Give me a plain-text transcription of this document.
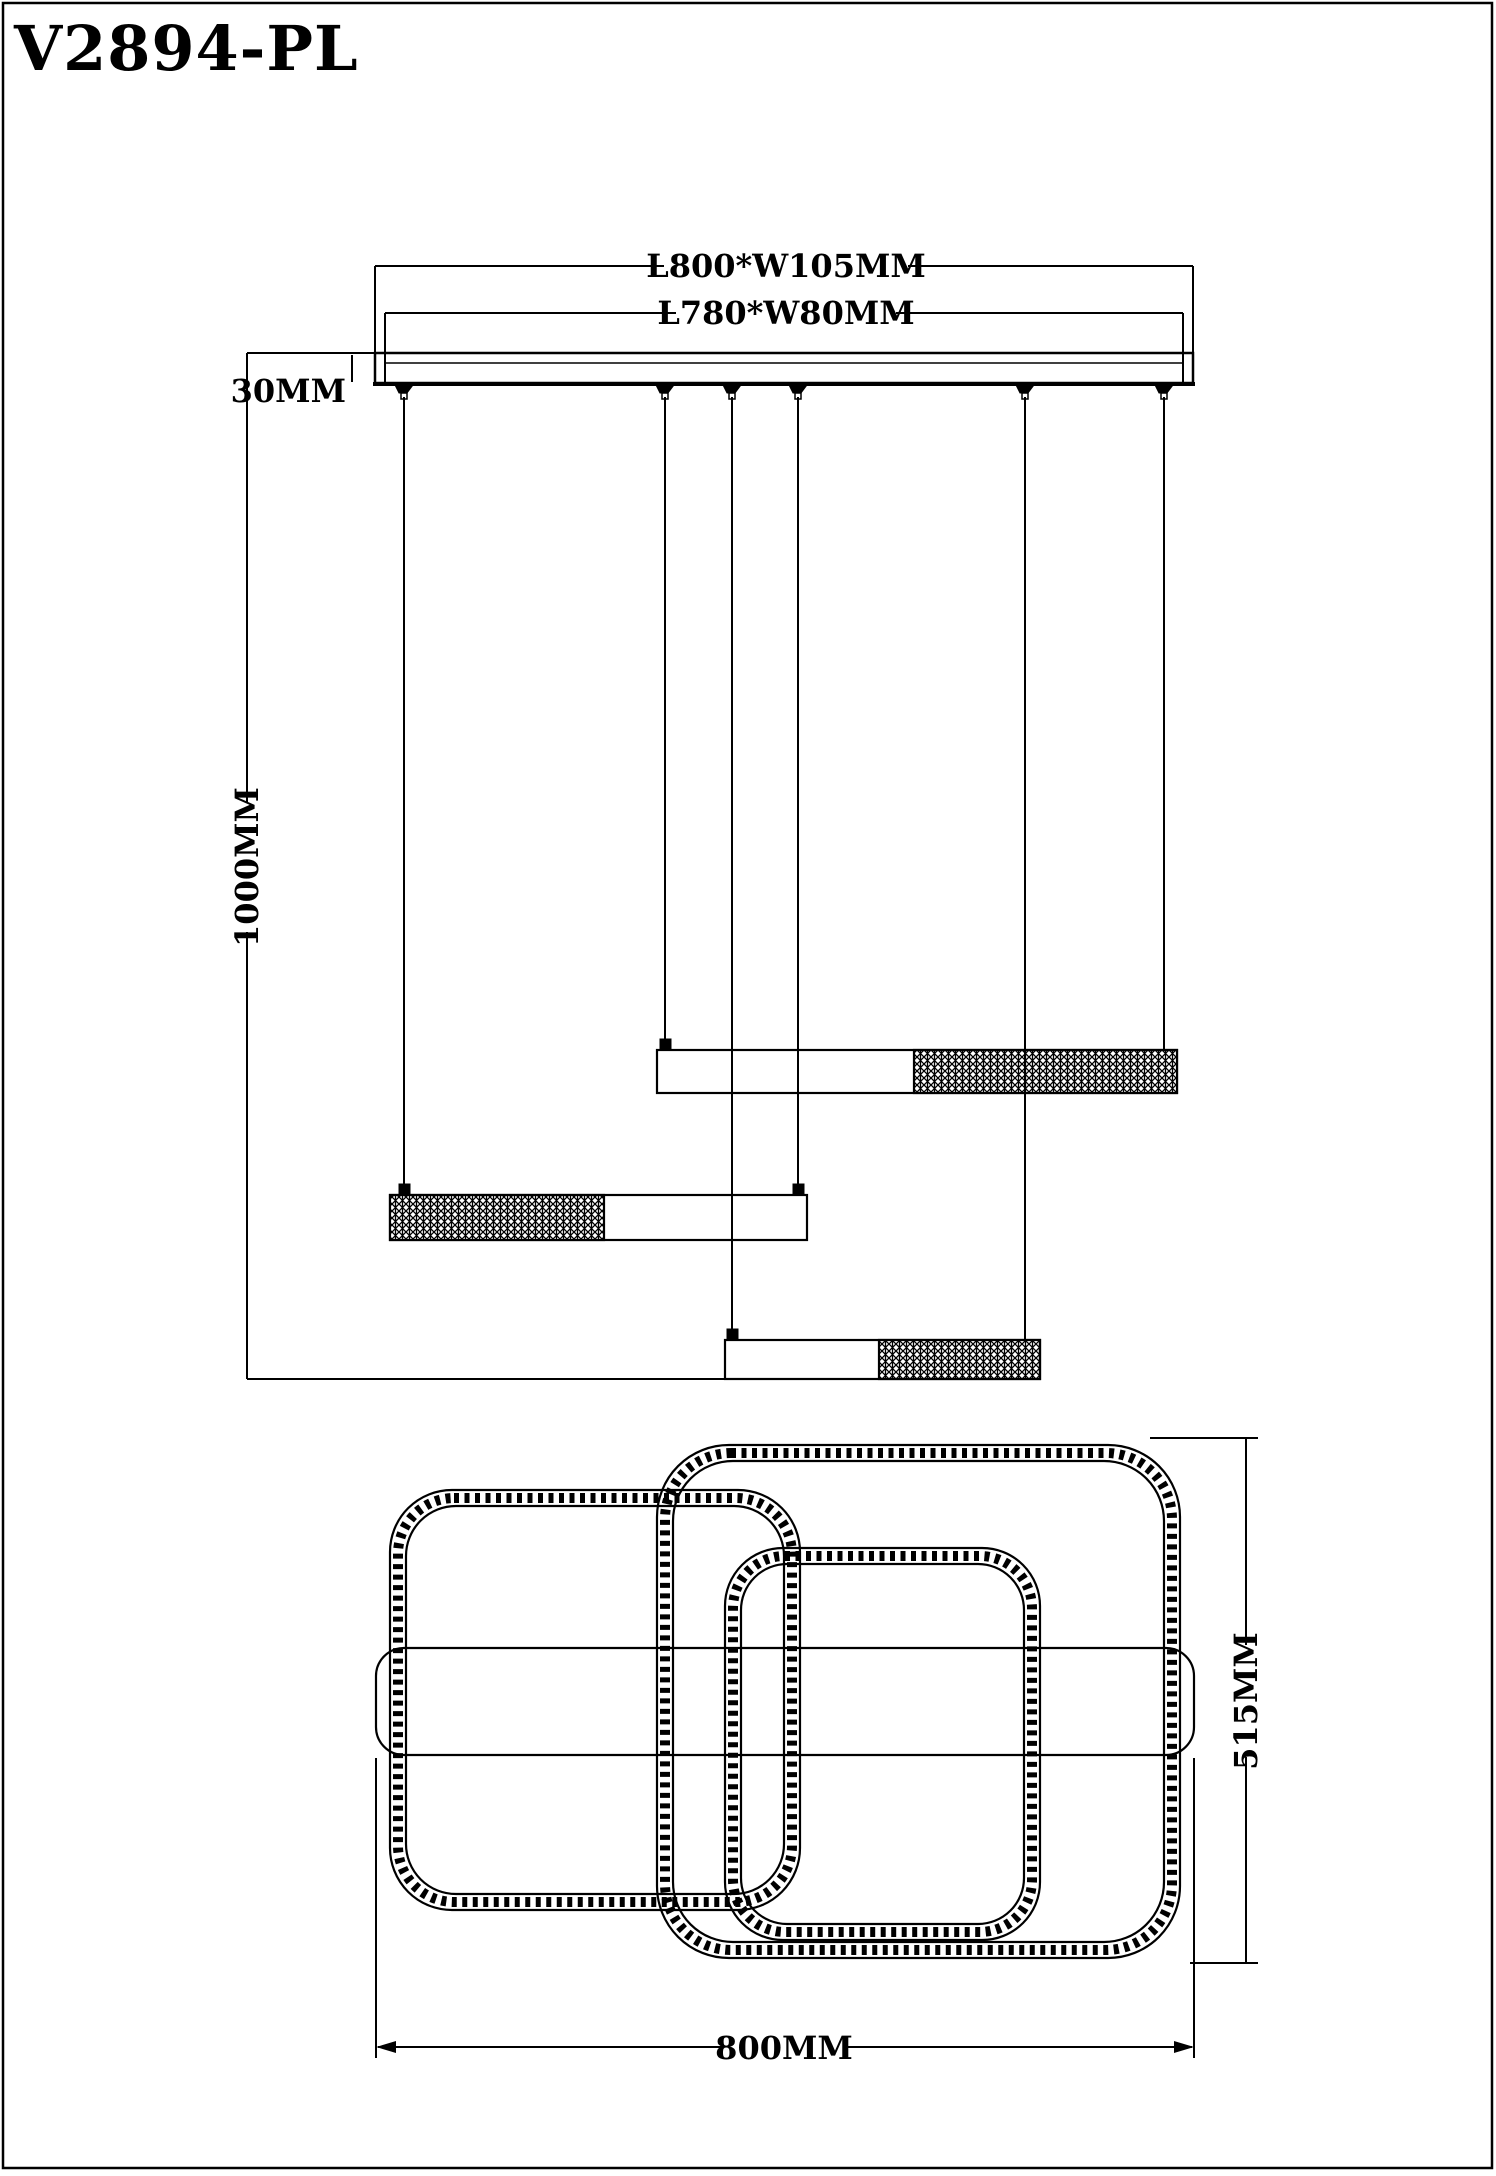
V2894-PL
L800*W105MM
L780*W80MM
30MM
1000MM
515MM
800MM
